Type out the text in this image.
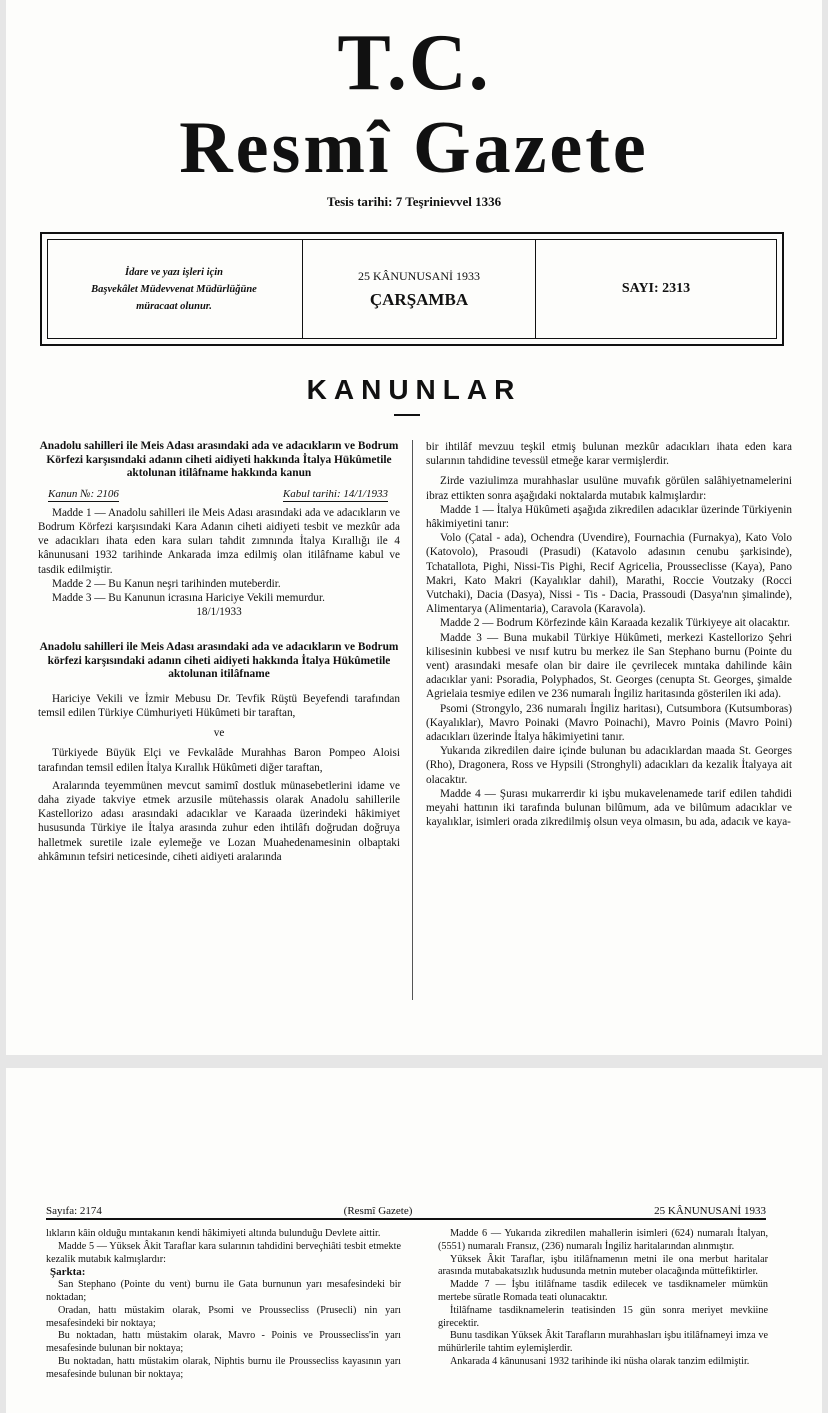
T.C.
Resmî Gazete
Tesis tarihi: 7 Teşrinievvel 1336
İdare ve yazı işleri için
Başvekâlet Müdevvenat Müdürlüğüne
müracaat olunur.
25 KÂNUNUSANİ 1933
ÇARŞAMBA
SAYI: 2313
KANUNLAR

Anadolu sahilleri ile Meis Adası arasındaki ada ve adacıkların ve Bodrum Körfezi karşısındaki adanın ciheti aidiyeti hakkında İtalya Hükûmetile aktolunan itilâfname hakkında kanun

Kanun №: 2106	Kabul tarihi: 14/1/1933

Madde 1 — Anadolu sahilleri ile Meis Adası arasındaki ada ve adacıkların ve Bodrum Körfezi karşısındaki Kara Adanın ciheti aidiyeti tesbit ve mezkûr ada ve adacıkları ihata eden kara suları tahdit zımnında İtalya Kırallığı ile 4 kânunusani 1932 tarihinde Ankarada imza edilmiş olan itilâfname kabul ve tasdik edilmiştir.

Madde 2 — Bu Kanun neşri tarihinden muteberdir.

Madde 3 — Bu Kanunun icrasına Hariciye Vekili memurdur.

18/1/1933

Anadolu sahilleri ile Meis Adası arasındaki ada ve adacıkların ve Bodrum körfezi karşısındaki adanın ciheti aidiyeti hakkında İtalya Hükûmetile aktolunan itilâfname

Hariciye Vekili ve İzmir Mebusu Dr. Tevfik Rüştü Beyefendi tarafından temsil edilen Türkiye Cümhuriyeti Hükûmeti bir taraftan,

ve

Türkiyede Büyük Elçi ve Fevkalâde Murahhas Baron Pompeo Aloisi tarafından temsil edilen İtalya Kırallık Hükûmeti diğer taraftan,

Aralarında teyemmünen mevcut samimî dostluk münasebetlerini idame ve daha ziyade takviye etmek arzusile mütehassis olarak Anadolu sahillerile Kastellorizo adası arasındaki adacıklar ve Karaada üzerindeki hâkimiyet hususunda Türkiye ile İtalya arasında zuhur eden ihtilâfı doğrudan doğruya halletmek suretile izale eylemeğe ve Lozan Muahedenamesinin olbaptaki ahkâmının tefsiri neticesinde, ciheti aidiyeti aralarında

bir ihtilâf mevzuu teşkil etmiş bulunan mezkûr adacıkları ihata eden kara sularının tahdidine tevessül etmeğe karar vermişlerdir.

Zirde vaziulimza murahhaslar usulüne muvafık görülen salâhiyetnamelerini ibraz ettikten sonra aşağıdaki noktalarda mutabık kalmışlardır:

Madde 1 — İtalya Hükûmeti aşağıda zikredilen adacıklar üzerinde Türkiyenin hâkimiyetini tanır:

Volo (Çatal - ada), Ochendra (Uvendire), Fournachia (Furnakya), Kato Volo (Katovolo), Prasoudi (Prasudi) (Katavolo adasının cenubu şarkisinde), Tchatallota, Pighi, Nissi-Tis Pighi, Recif Agricelia, Prousseclisse (Kaya), Pano Makri, Kato Makri (Kayalıklar dahil), Marathi, Roccie Voutzaky (Rocci Vutchaki), Dacia (Dasya), Nissi - Tis - Dacia, Prassoudi (Dasya'nın şimalinde), Alimentarya (Alimentaria), Caravola (Karavola).

Madde 2 — Bodrum Körfezinde kâin Karaada kezalik Türkiyeye ait olacaktır.

Madde 3 — Buna mukabil Türkiye Hükûmeti, merkezi Kastellorizo Şehri kilisesinin kubbesi ve nısıf kutru bu merkez ile San Stephano burnu (Pointe du vent) arasındaki mesafe olan bir daire ile çevrilecek mıntaka dahilinde kâin adacıklar yani: Psoradia, Polyphados, St. Georges (cenupta St. Georges, şimalde Agrielaia tesmiye edilen ve 236 numaralı İngiliz haritasında gösterilen iki ada).

Psomi (Strongylo, 236 numaralı İngiliz haritası), Cutsumbora (Kutsumboras) (Kayalıklar), Mavro Poinaki (Mavro Poinachi), Mavro Poinis (Mavro Poini) adacıkları üzerinde İtalya hâkimiyetini tanır.

Yukarıda zikredilen daire içinde bulunan bu adacıklardan maada St. Georges (Rho), Dragonera, Ross ve Hypsili (Stronghyli) adacıkları da kezalik İtalyaya ait olacaktır.

Madde 4 — Şurası mukarrerdir ki işbu mukavelenamede tarif edilen tahdidi meyahi hattının iki tarafında bulunan bilûmum, ada ve bilûmum adacıklar ve kayalıklar, isimleri orada zikredilmiş olsun veya olmasın, bu ada, adacık ve kaya-

Sayıfa: 2174	(Resmî Gazete)	25 KÂNUNUSANİ 1933

lıkların kâin olduğu mıntakanın kendi hâkimiyeti altında bulunduğu Devlete aittir.

Madde 5 — Yüksek Âkit Taraflar kara sularının tahdidini berveçhiâti tesbit etmekte kezalik mutabık kalmışlardır:

Şarkta:

San Stephano (Pointe du vent) burnu ile Gata burnunun yarı mesafesindeki bir noktadan;

Oradan, hattı müstakim olarak, Psomi ve Prousseclіss (Prusecli) nin yarı mesafesindeki bir noktaya;

Bu noktadan, hattı müstakim olarak, Mavro - Poinis ve Prousseclіss'in yarı mesafesinde bulunan bir noktaya;

Bu noktadan, hattı müstakim olarak, Niphtis burnu ile Prousseclіss kayasının yarı mesafesinde bulunan bir noktaya;

Madde 6 — Yukarıda zikredilen mahallerin isimleri (624) numaralı İtalyan, (5551) numaralı Fransız, (236) numaralı İngiliz haritalarından alınmıştır.

Yüksek Âkit Taraflar, işbu itilâfnamenın metni ile ona merbut haritalar arasında mutabakatsızlık hudusunda metnin muteber olacağında müttefiktirler.

Madde 7 — İşbu itilâfname tasdik edilecek ve tasdiknameler mümkün mertebe süratle Romada teati olunacaktır.

İtilâfname tasdiknamelerin teatisinden 15 gün sonra meriyet mevkiine girecektir.

Bunu tasdikan Yüksek Âkit Tarafların murahhasları işbu itilâfnameyi imza ve mühürlerile tahtim eylemişlerdir.

Ankarada 4 kânunusani 1932 tarihinde iki nüsha olarak tanzim edilmiştir.
